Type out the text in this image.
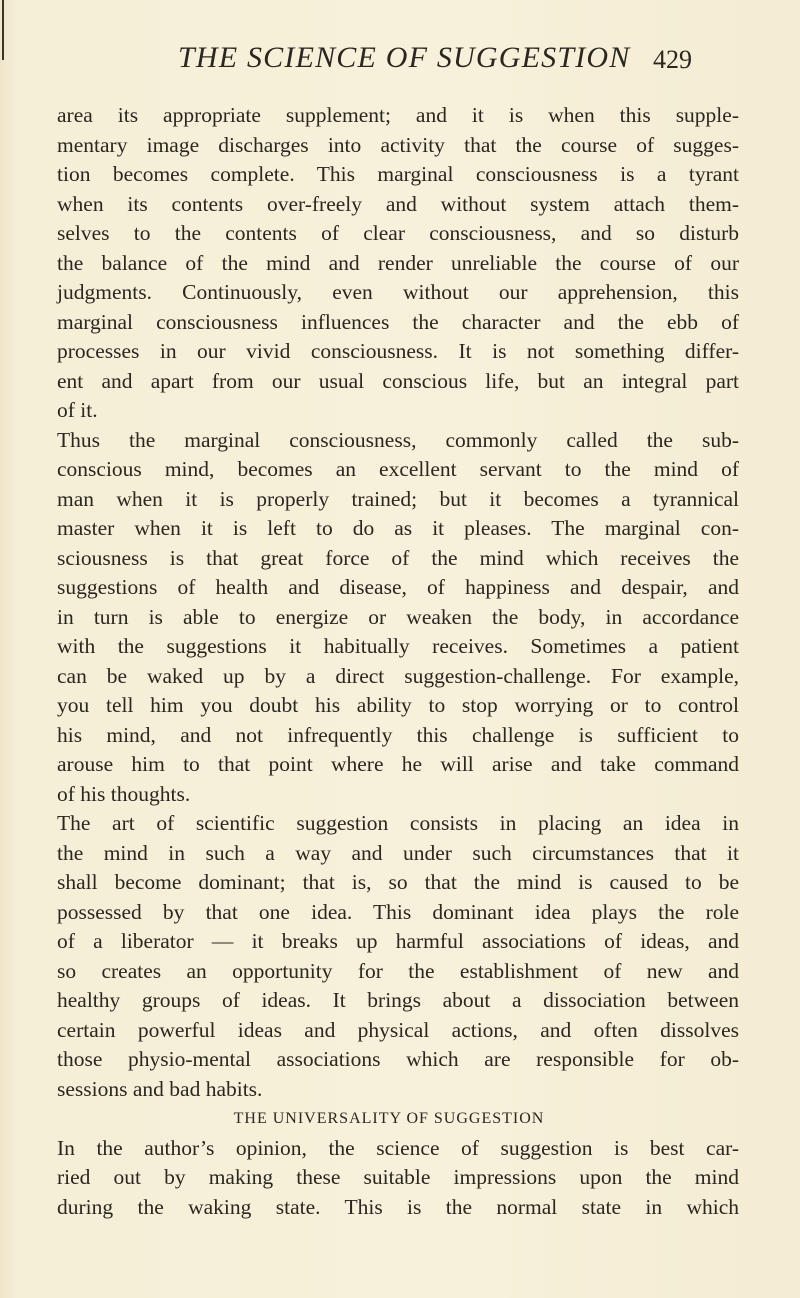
THE SCIENCE OF SUGGESTION 429
area its appropriate supplement; and it is when this supple-
mentary image discharges into activity that the course of sugges-
tion becomes complete. This marginal consciousness is a tyrant
when its contents over-freely and without system attach them-
selves to the contents of clear consciousness, and so disturb
the balance of the mind and render unreliable the course of our
judgments. Continuously, even without our apprehension, this
marginal consciousness influences the character and the ebb of
processes in our vivid consciousness. It is not something differ-
ent and apart from our usual conscious life, but an integral part
of it.
Thus the marginal consciousness, commonly called the sub-
conscious mind, becomes an excellent servant to the mind of
man when it is properly trained; but it becomes a tyrannical
master when it is left to do as it pleases. The marginal con-
sciousness is that great force of the mind which receives the
suggestions of health and disease, of happiness and despair, and
in turn is able to energize or weaken the body, in accordance
with the suggestions it habitually receives. Sometimes a patient
can be waked up by a direct suggestion-challenge. For example,
you tell him you doubt his ability to stop worrying or to control
his mind, and not infrequently this challenge is sufficient to
arouse him to that point where he will arise and take command
of his thoughts.
The art of scientific suggestion consists in placing an idea in
the mind in such a way and under such circumstances that it
shall become dominant; that is, so that the mind is caused to be
possessed by that one idea. This dominant idea plays the role
of a liberator — it breaks up harmful associations of ideas, and
so creates an opportunity for the establishment of new and
healthy groups of ideas. It brings about a dissociation between
certain powerful ideas and physical actions, and often dissolves
those physio-mental associations which are responsible for ob-
sessions and bad habits.
THE UNIVERSALITY OF SUGGESTION
In the author’s opinion, the science of suggestion is best car-
ried out by making these suitable impressions upon the mind
during the waking state. This is the normal state in which
